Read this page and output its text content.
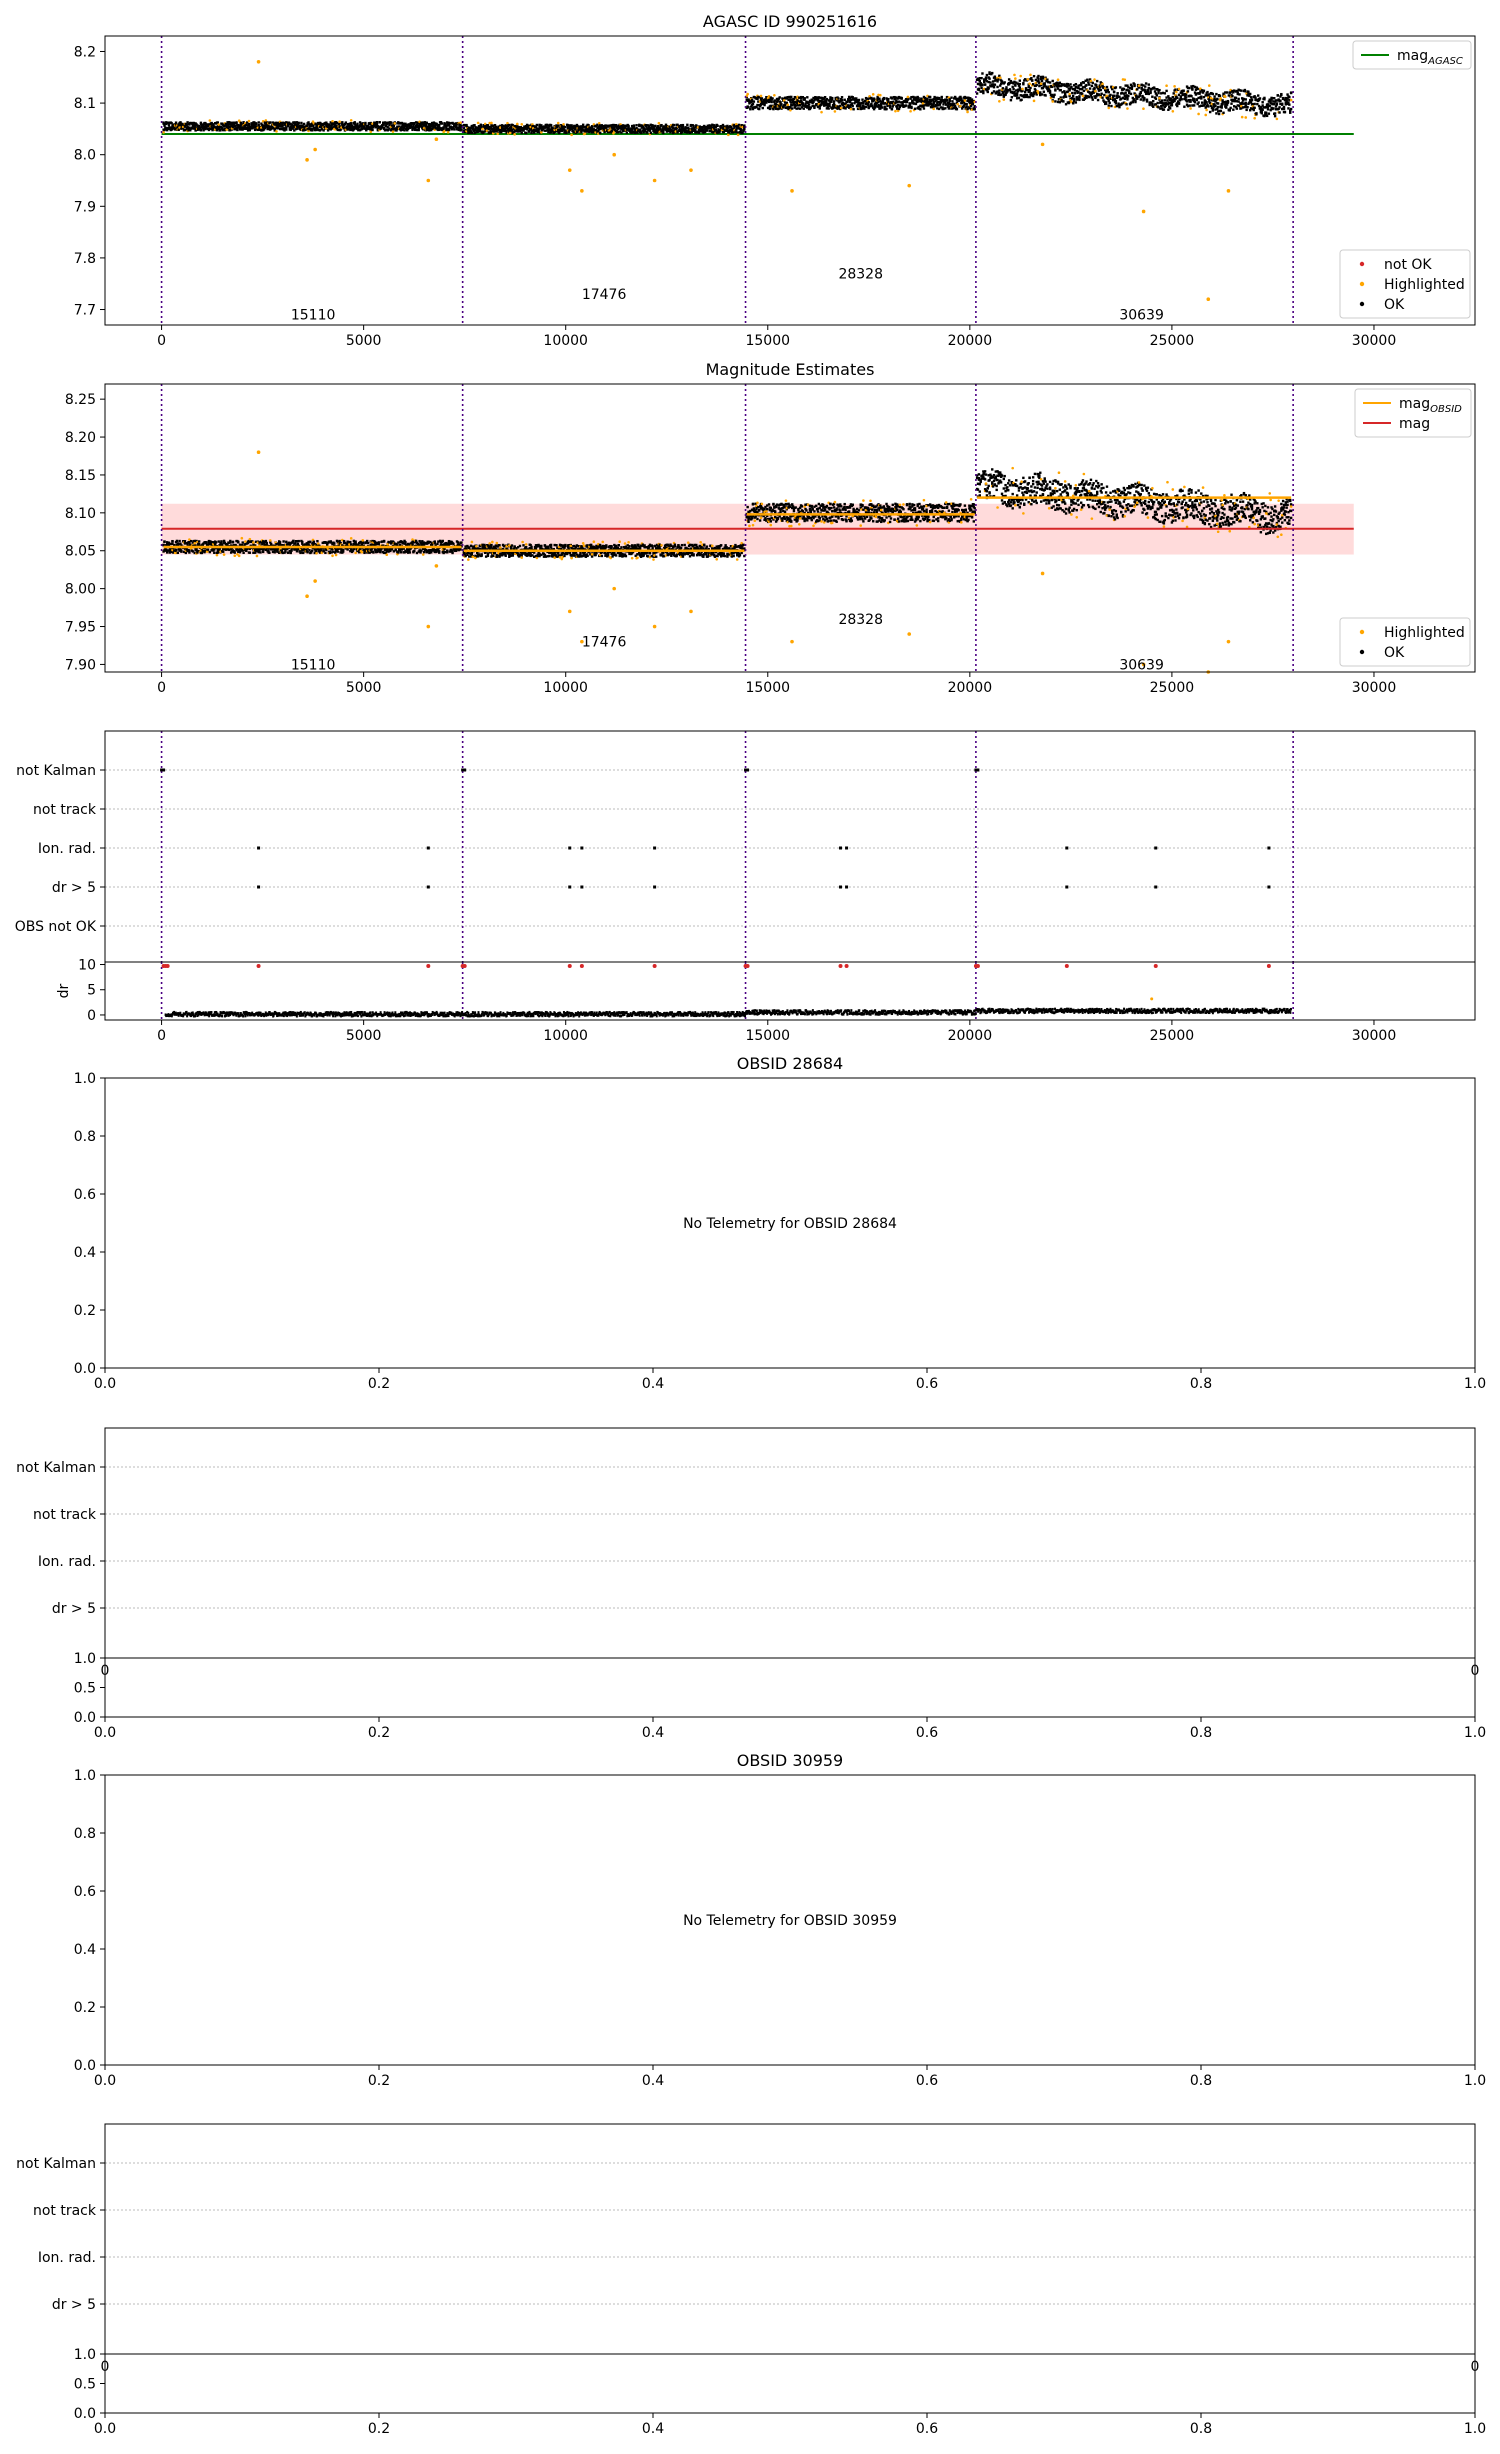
AGASC ID 990251616
15110
17476
28328
30639
0	5000	10000	15000	20000	25000	30000
7.7
7.8
7.9
8.0
8.1
8.2	mag$_{AGASC}$
not OK
Highlighted
OK
Magnitude Estimates
15110
17476
28328
30639
0	5000	10000	15000	20000	25000	30000
7.90
7.95
8.00
8.05
8.10
8.15
8.20
8.25	mag$_{OBSID}$
mag
Highlighted
OK
not Kalman
not track
Ion. rad.
dr > 5
OBS not OK
dr
0	5000	10000	15000	20000	25000	30000
0
5
10
OBSID 28684
No Telemetry for OBSID 28684
0.0	0.2	0.4	0.6	0.8	1.0
0.0
0.2
0.4
0.6
0.8
1.0
not Kalman
not track
Ion. rad.
dr > 5
0	0
0.0	0.2	0.4	0.6	0.8	1.0
0.0
0.5
1.0
OBSID 30959
No Telemetry for OBSID 30959
0.0	0.2	0.4	0.6	0.8	1.0
0.0
0.2
0.4
0.6
0.8
1.0
not Kalman
not track
Ion. rad.
dr > 5
0	0
0.0	0.2	0.4	0.6	0.8	1.0
0.0
0.5
1.0
